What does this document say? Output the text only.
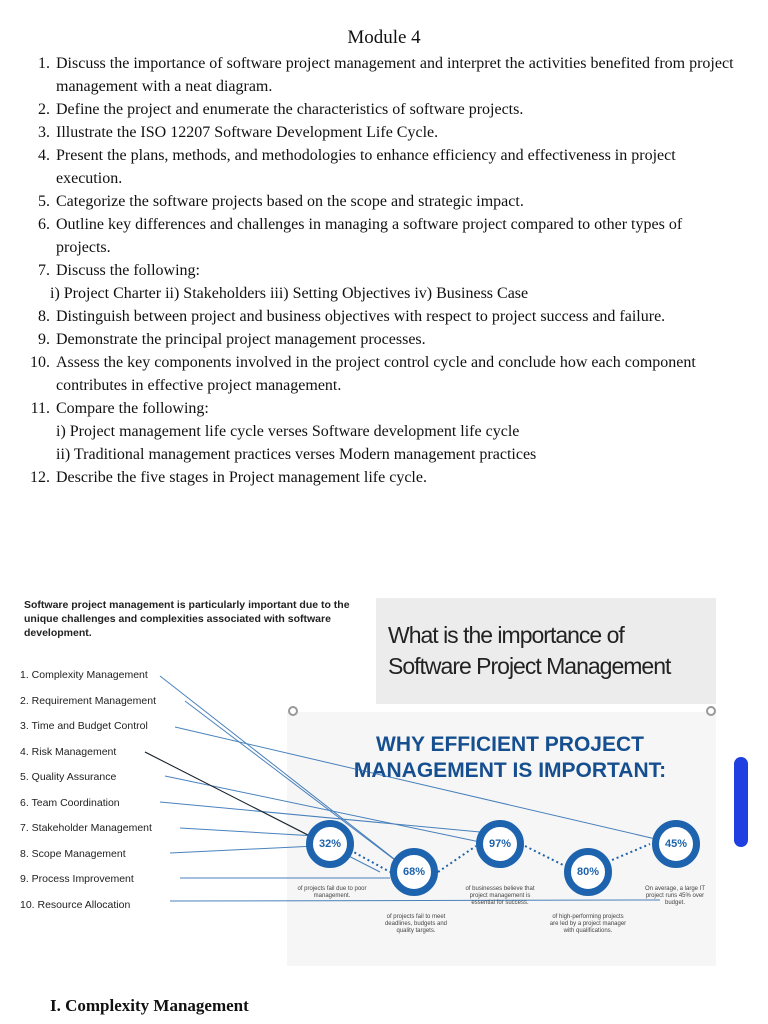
Module 4
1. Discuss the importance of software project management and interpret the activities benefited from project management with a neat diagram.
2. Define the project and enumerate the characteristics of software projects.
3. Illustrate the ISO 12207 Software Development Life Cycle.
4. Present the plans, methods, and methodologies to enhance efficiency and effectiveness in project execution.
5. Categorize the software projects based on the scope and strategic impact.
6. Outline key differences and challenges in managing a software project compared to other types of projects.
7. Discuss the following:
i) Project Charter ii) Stakeholders iii) Setting Objectives iv) Business Case
8. Distinguish between project and business objectives with respect to project success and failure.
9. Demonstrate the principal project management processes.
10. Assess the key components involved in the project control cycle and conclude how each component contributes in effective project management.
11. Compare the following:
i) Project management life cycle verses Software development life cycle
ii) Traditional management practices verses Modern management practices
12. Describe the five stages in Project management life cycle.
Software project management is particularly important due to the unique challenges and complexities associated with software development.
1. Complexity Management
2. Requirement Management
3. Time and Budget Control
4. Risk Management
5. Quality Assurance
6. Team Coordination
7. Stakeholder Management
8. Scope Management
9. Process Improvement
10. Resource Allocation
What is the importance of
Software Project Management
WHY EFFICIENT PROJECT
MANAGEMENT IS IMPORTANT:
32%
68%
97%
80%
45%
of projects fail due to poor management.
of projects fail to meet deadlines, budgets and quality targets.
of businesses believe that project management is essential for success.
of high-performing projects are led by a project manager with qualifications.
On average, a large IT project runs 45% over budget.
I. Complexity Management
